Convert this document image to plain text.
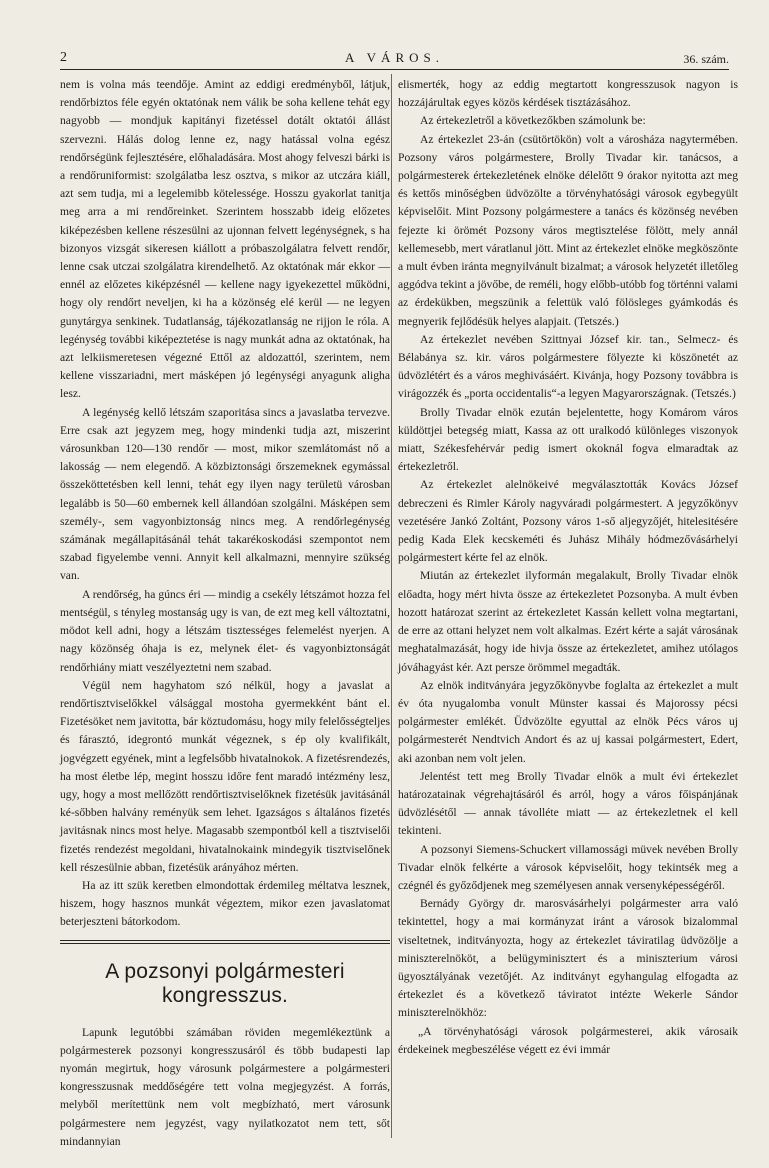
2	A VÁROS.	36. szám.

nem is volna más teendője. Amint az eddigi eredményből, látjuk, rendőrbiztos féle egyén oktatónak nem válik be soha kellene tehát egy nagyobb — mondjuk kapitányi fizetéssel dotált oktatói állást szervezni. Hálás dolog lenne ez, nagy hatással volna egész rendőrségünk fejlesztésére, előhaladására. Most ahogy felveszi bárki is a rendőruniformist: szolgálatba lesz osztva, s mikor az utczára kiáll, azt sem tudja, mi a legelemibb kötelessége. Hosszu gyakorlat tanitja meg arra a mi rendőreinket. Szerintem hosszabb ideig előzetes kiképezésben kellene részesülni az ujonnan felvett legénységnek, s ha bizonyos vizsgát sikeresen kiállott a próbaszolgálatra felvett rendőr, lenne csak utczai szolgálatra kirendelhető. Az oktatónak már ekkor — ennél az előzetes kiképzésnél — kellene nagy igyekezettel működni, hogy oly rendőrt neveljen, ki ha a közönség elé kerül — ne legyen gunytárgya senkinek. Tudatlanság, tájékozatlanság ne rijjon le róla. A legénység további kiképeztetése is nagy munkát adna az oktatónak, ha azt lelkiismeretesen végezné Ettől az aldozattól, szerintem, nem kellene visszariadni, mert másképen jó legénységi anyagunk aligha lesz.

A legénység kellő létszám szaporitása sincs a javaslatba tervezve. Erre csak azt jegyzem meg, hogy mindenki tudja azt, miszerint városunkban 120—130 rendőr — most, mikor szemlátomást nő a lakosság — nem elegendő. A közbiztonsági őrszemeknek egymással összeköttetésben kell lenni, tehát egy ilyen nagy területü városban legalább is 50—60 embernek kell állandóan szolgálni. Másképen sem személy-, sem vagyonbiztonság nincs meg. A rendőrlegénység számának megállapitásánál tehát takarékoskodási szempontot nem szabad figyelembe venni. Annyit kell alkalmazni, mennyire szükség van.

A rendőrség, ha gúncs éri — mindig a csekély létszámot hozza fel mentségül, s tényleg mostanság ugy is van, de ezt meg kell változtatni, mödot kell adni, hogy a létszám tisztességes felemelést nyerjen. A nagy közönség óhaja is ez, melynek élet- és vagyonbiztonságát rendőrhiány miatt veszélyeztetni nem szabad.

Végül nem hagyhatom szó nélkül, hogy a javaslat a rendőrtisztviselőkkel válsággal mostoha gyermekként bánt el. Fizetésöket nem javitotta, bár köztudomásu, hogy mily felelősségteljes és fárasztó, idegrontó munkát végeznek, s ép oly kvalifikált, jogvégzett egyének, mint a legfelsőbb hivatalnokok. A fizetésrendezés, ha most életbe lép, megint hosszu időre fent maradó intézmény lesz, ugy, hogy a most mellőzött rendőrtisztviselőknek fizetésük javitásánál ké-sőbben halvány reményük sem lehet. Igazságos s általános fizetés javitásnak nincs most helye. Magasabb szempontból kell a tisztviselői fizetés rendezést megoldani, hivatalnokaink mindegyik tisztviselőnek kell részesülnie abban, fizetésük arányához mérten.

Ha az itt szük keretben elmondottak érdemileg méltatva lesznek, hiszem, hogy hasznos munkát végeztem, mikor ezen javaslatomat beterjeszteni bátorkodom.

A pozsonyi polgármesteri kongresszus.

Lapunk legutóbbi számában röviden megemlékeztünk a polgármesterek pozsonyi kongresszusáról és több budapesti lap nyomán megirtuk, hogy városunk polgármestere a polgármesteri kongresszusnak meddőségére tett volna megjegyzést. A forrás, melyből merítettünk nem volt megbízható, mert városunk polgármestere nem jegyzést, vagy nyilatkozatot nem tett, sőt mindannyian

elismerték, hogy az eddig megtartott kongresszusok nagyon is hozzájárultak egyes közös kérdések tisztázásához.

Az értekezletről a következőkben számolunk be:

Az értekezlet 23-án (csütörtökön) volt a városháza nagytermében. Pozsony város polgármestere, Brolly Tivadar kir. tanácsos, a polgármesterek értekezletének elnöke délelőtt 9 órakor nyitotta azt meg és kettős minőségben üdvözölte a törvényhatósági városok egybegyült képviselőit. Mint Pozsony polgármestere a tanács és közönség nevében fejezte ki örömét Pozsony város megtisztelése fölött, mely annál kellemesebb, mert váratlanul jött. Mint az értekezlet elnöke megköszönte a mult évben iránta megnyilvánult bizalmat; a városok helyzetét illetőleg aggódva tekint a jövőbe, de reméli, hogy előbb-utóbb fog történni valami az érdekükben, megszünik a felettük való fölösleges gyámkodás és megnyerik fejlődésük helyes alapjait. (Tetszés.)

Az értekezlet nevében Szittnyai József kir. tan., Selmecz- és Bélabánya sz. kir. város polgármestere fölyezte ki köszönetét az üdvözlétért és a város meghivásáért. Kivánja, hogy Pozsony továbbra is virágozzék és „porta occidentalis“-a legyen Magyarországnak. (Tetszés.)

Brolly Tivadar elnök ezután bejelentette, hogy Komárom város küldöttjei betegség miatt, Kassa az ott uralkodó különleges viszonyok miatt, Székesfehérvár pedig ismert okoknál fogva elmaradtak az értekezletről.

Az értekezlet alelnökeivé megválasztották Kovács József debreczeni és Rimler Károly nagyváradi polgármestert. A jegyzőkönyv vezetésére Jankó Zoltánt, Pozsony város 1-ső aljegyzőjét, hitelesitésére pedig Kada Elek kecskeméti és Juhász Mihály hódmezővásárhelyi polgármestert kérte fel az elnök.

Miután az értekezlet ilyformán megalakult, Brolly Tivadar elnök előadta, hogy mért hivta össze az értekezletet Pozsonyba. A mult évben hozott határozat szerint az értekezletet Kassán kellett volna megtartani, de erre az ottani helyzet nem volt alkalmas. Ezért kérte a saját városának meghatalmazását, hogy ide hivja össze az értekezletet, amihez utólagos jóváhagyást kér. Azt persze örömmel megadták.

Az elnök inditványára jegyzőkönyvbe foglalta az értekezlet a mult év óta nyugalomba vonult Münster kassai és Majorossy pécsi polgármester emlékét. Üdvözölte egyuttal az elnök Pécs város uj polgármesterét Nendtvich Andort és az uj kassai polgármestert, Edert, aki azonban nem volt jelen.

Jelentést tett meg Brolly Tivadar elnök a mult évi értekezlet határozatainak végrehajtásáról és arról, hogy a város főispánjának üdvözlésétől — annak távolléte miatt — az értekezletnek el kell tekinteni.

A pozsonyi Siemens-Schuckert villamossági müvek nevében Brolly Tivadar elnök felkérte a városok képviselőit, hogy tekintsék meg a czégnél és győződjenek meg személyesen annak versenyképességéről.

Bernády György dr. marosvásárhelyi polgármester arra való tekintettel, hogy a mai kormányzat iránt a városok bizalommal viseltetnek, inditványozta, hogy az értekezlet táviratilag üdvözölje a miniszterelnököt, a belügyminisztert és a miniszterium városi ügyosztályának vezetőjét. Az inditványt egyhangulag elfogadta az értekezlet és a következő táviratot intézte Wekerle Sándor miniszterelnökhöz:

„A törvényhatósági városok polgármesterei, akik városaik érdekeinek megbeszélése végett ez évi immár
